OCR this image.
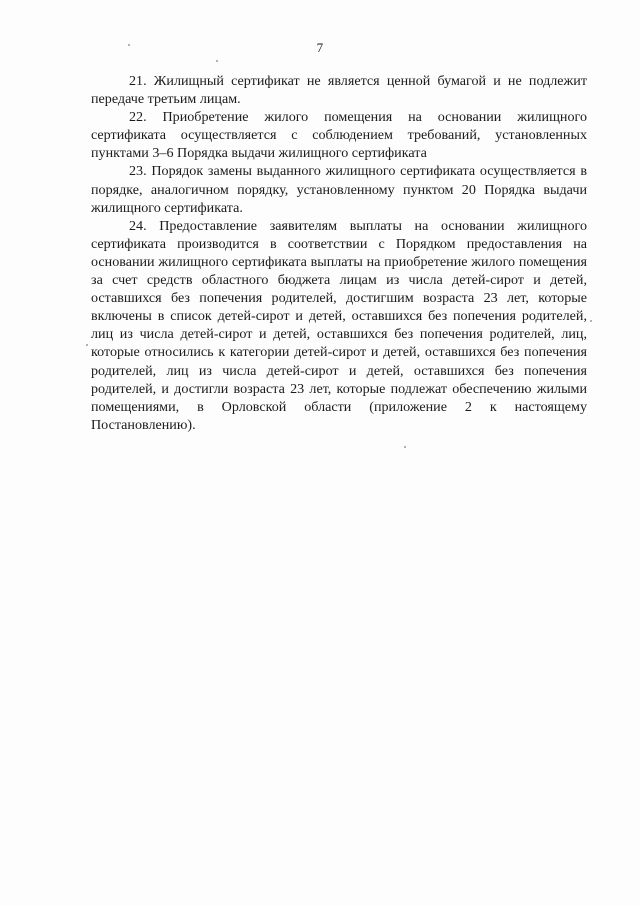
7

21. Жилищный сертификат не является ценной бумагой и не подлежит передаче третьим лицам.

22. Приобретение жилого помещения на основании жилищного сертификата осуществляется с соблюдением требований, установленных пунктами 3–6 Порядка выдачи жилищного сертификата

23. Порядок замены выданного жилищного сертификата осуществляется в порядке, аналогичном порядку, установленному пунктом 20 Порядка выдачи жилищного сертификата.

24. Предоставление заявителям выплаты на основании жилищного сертификата производится в соответствии с Порядком предоставления на основании жилищного сертификата выплаты на приобретение жилого помещения за счет средств областного бюджета лицам из числа детей-сирот и детей, оставшихся без попечения родителей, достигшим возраста 23 лет, которые включены в список детей-сирот и детей, оставшихся без попечения родителей, лиц из числа детей-сирот и детей, оставшихся без попечения родителей, лиц, которые относились к категории детей-сирот и детей, оставшихся без попечения родителей, лиц из числа детей-сирот и детей, оставшихся без попечения родителей, и достигли возраста 23 лет, которые подлежат обеспечению жилыми помещениями, в Орловской области (приложение 2 к настоящему Постановлению).
